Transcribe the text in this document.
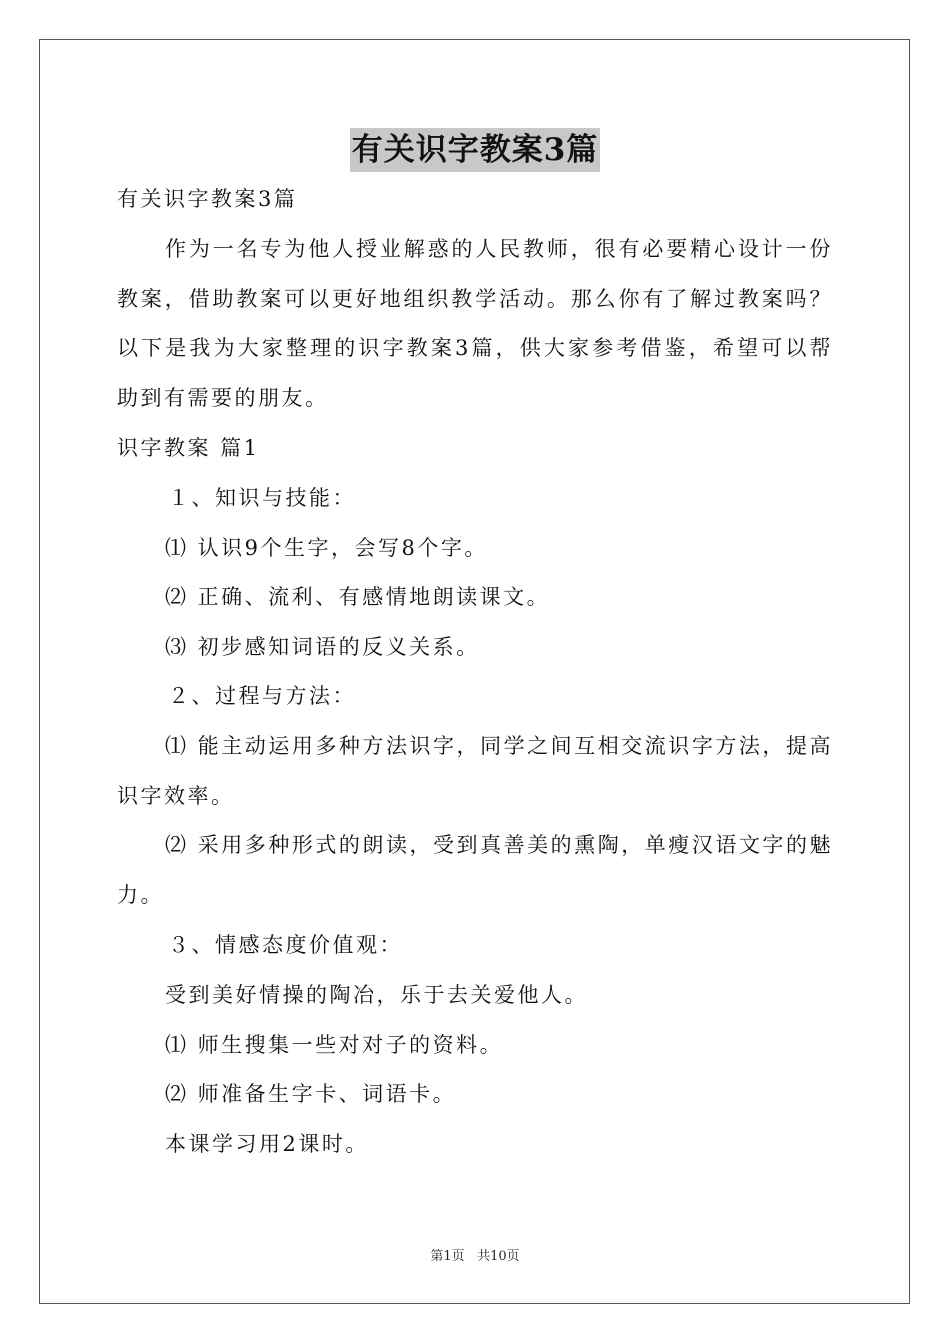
有关识字教案3篇
有关识字教案3篇
作为一名专为他人授业解惑的人民教师，很有必要精心设计一份教案，借助教案可以更好地组织教学活动。那么你有了解过教案吗？以下是我为大家整理的识字教案3篇，供大家参考借鉴，希望可以帮助到有需要的朋友。
识字教案 篇1
１、知识与技能：
⑴ 认识9个生字，会写8个字。
⑵ 正确、流利、有感情地朗读课文。
⑶ 初步感知词语的反义关系。
２、过程与方法：
⑴ 能主动运用多种方法识字，同学之间互相交流识字方法，提高识字效率。
⑵ 采用多种形式的朗读，受到真善美的熏陶，单瘦汉语文字的魅力。
３、情感态度价值观：
受到美好情操的陶冶，乐于去关爱他人。
⑴ 师生搜集一些对对子的资料。
⑵ 师准备生字卡、词语卡。
本课学习用2课时。
第1页 共10页
